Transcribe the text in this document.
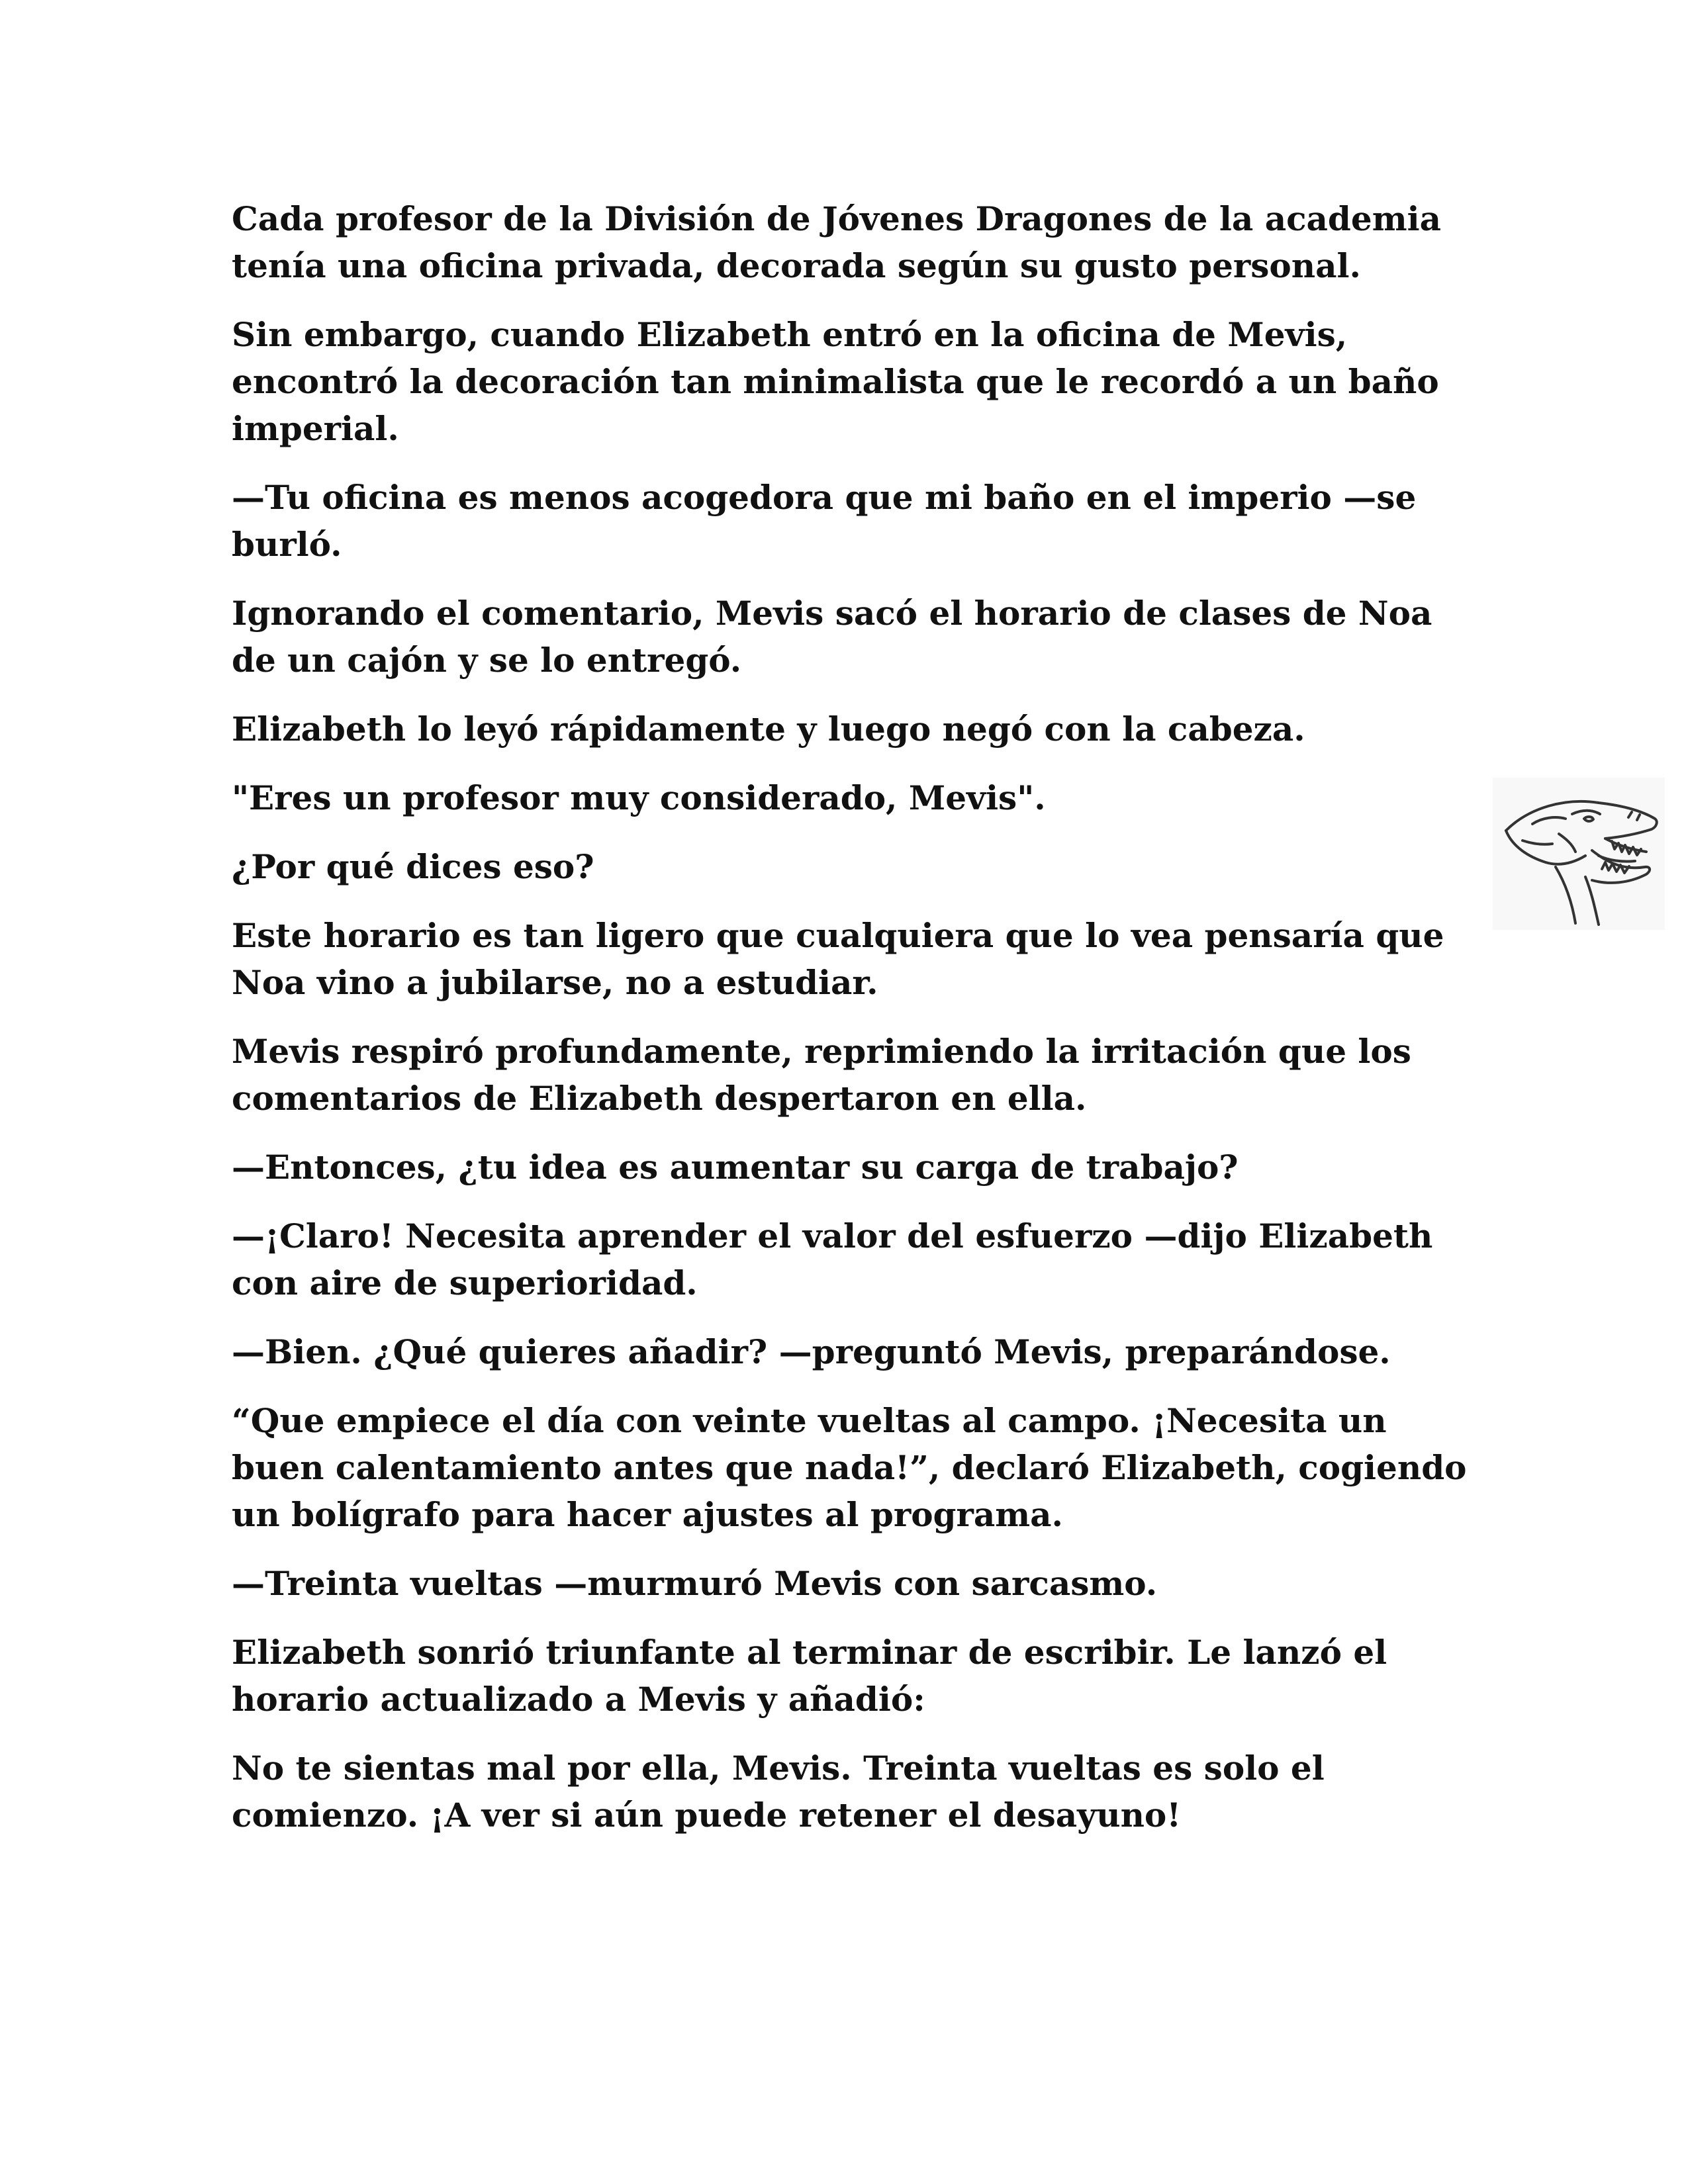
Cada profesor de la División de Jóvenes Dragones de la academia tenía una oficina privada, decorada según su gusto personal.

Sin embargo, cuando Elizabeth entró en la oficina de Mevis, encontró la decoración tan minimalista que le recordó a un baño imperial.

—Tu oficina es menos acogedora que mi baño en el imperio —se burló.

Ignorando el comentario, Mevis sacó el horario de clases de Noa de un cajón y se lo entregó.

Elizabeth lo leyó rápidamente y luego negó con la cabeza.

"Eres un profesor muy considerado, Mevis".

¿Por qué dices eso?

Este horario es tan ligero que cualquiera que lo vea pensaría que Noa vino a jubilarse, no a estudiar.

Mevis respiró profundamente, reprimiendo la irritación que los comentarios de Elizabeth despertaron en ella.

—Entonces, ¿tu idea es aumentar su carga de trabajo?

—¡Claro! Necesita aprender el valor del esfuerzo —dijo Elizabeth con aire de superioridad.

—Bien. ¿Qué quieres añadir? —preguntó Mevis, preparándose.

“Que empiece el día con veinte vueltas al campo. ¡Necesita un buen calentamiento antes que nada!”, declaró Elizabeth, cogiendo un bolígrafo para hacer ajustes al programa.

—Treinta vueltas —murmuró Mevis con sarcasmo.

Elizabeth sonrió triunfante al terminar de escribir. Le lanzó el horario actualizado a Mevis y añadió:

No te sientas mal por ella, Mevis. Treinta vueltas es solo el comienzo. ¡A ver si aún puede retener el desayuno!
